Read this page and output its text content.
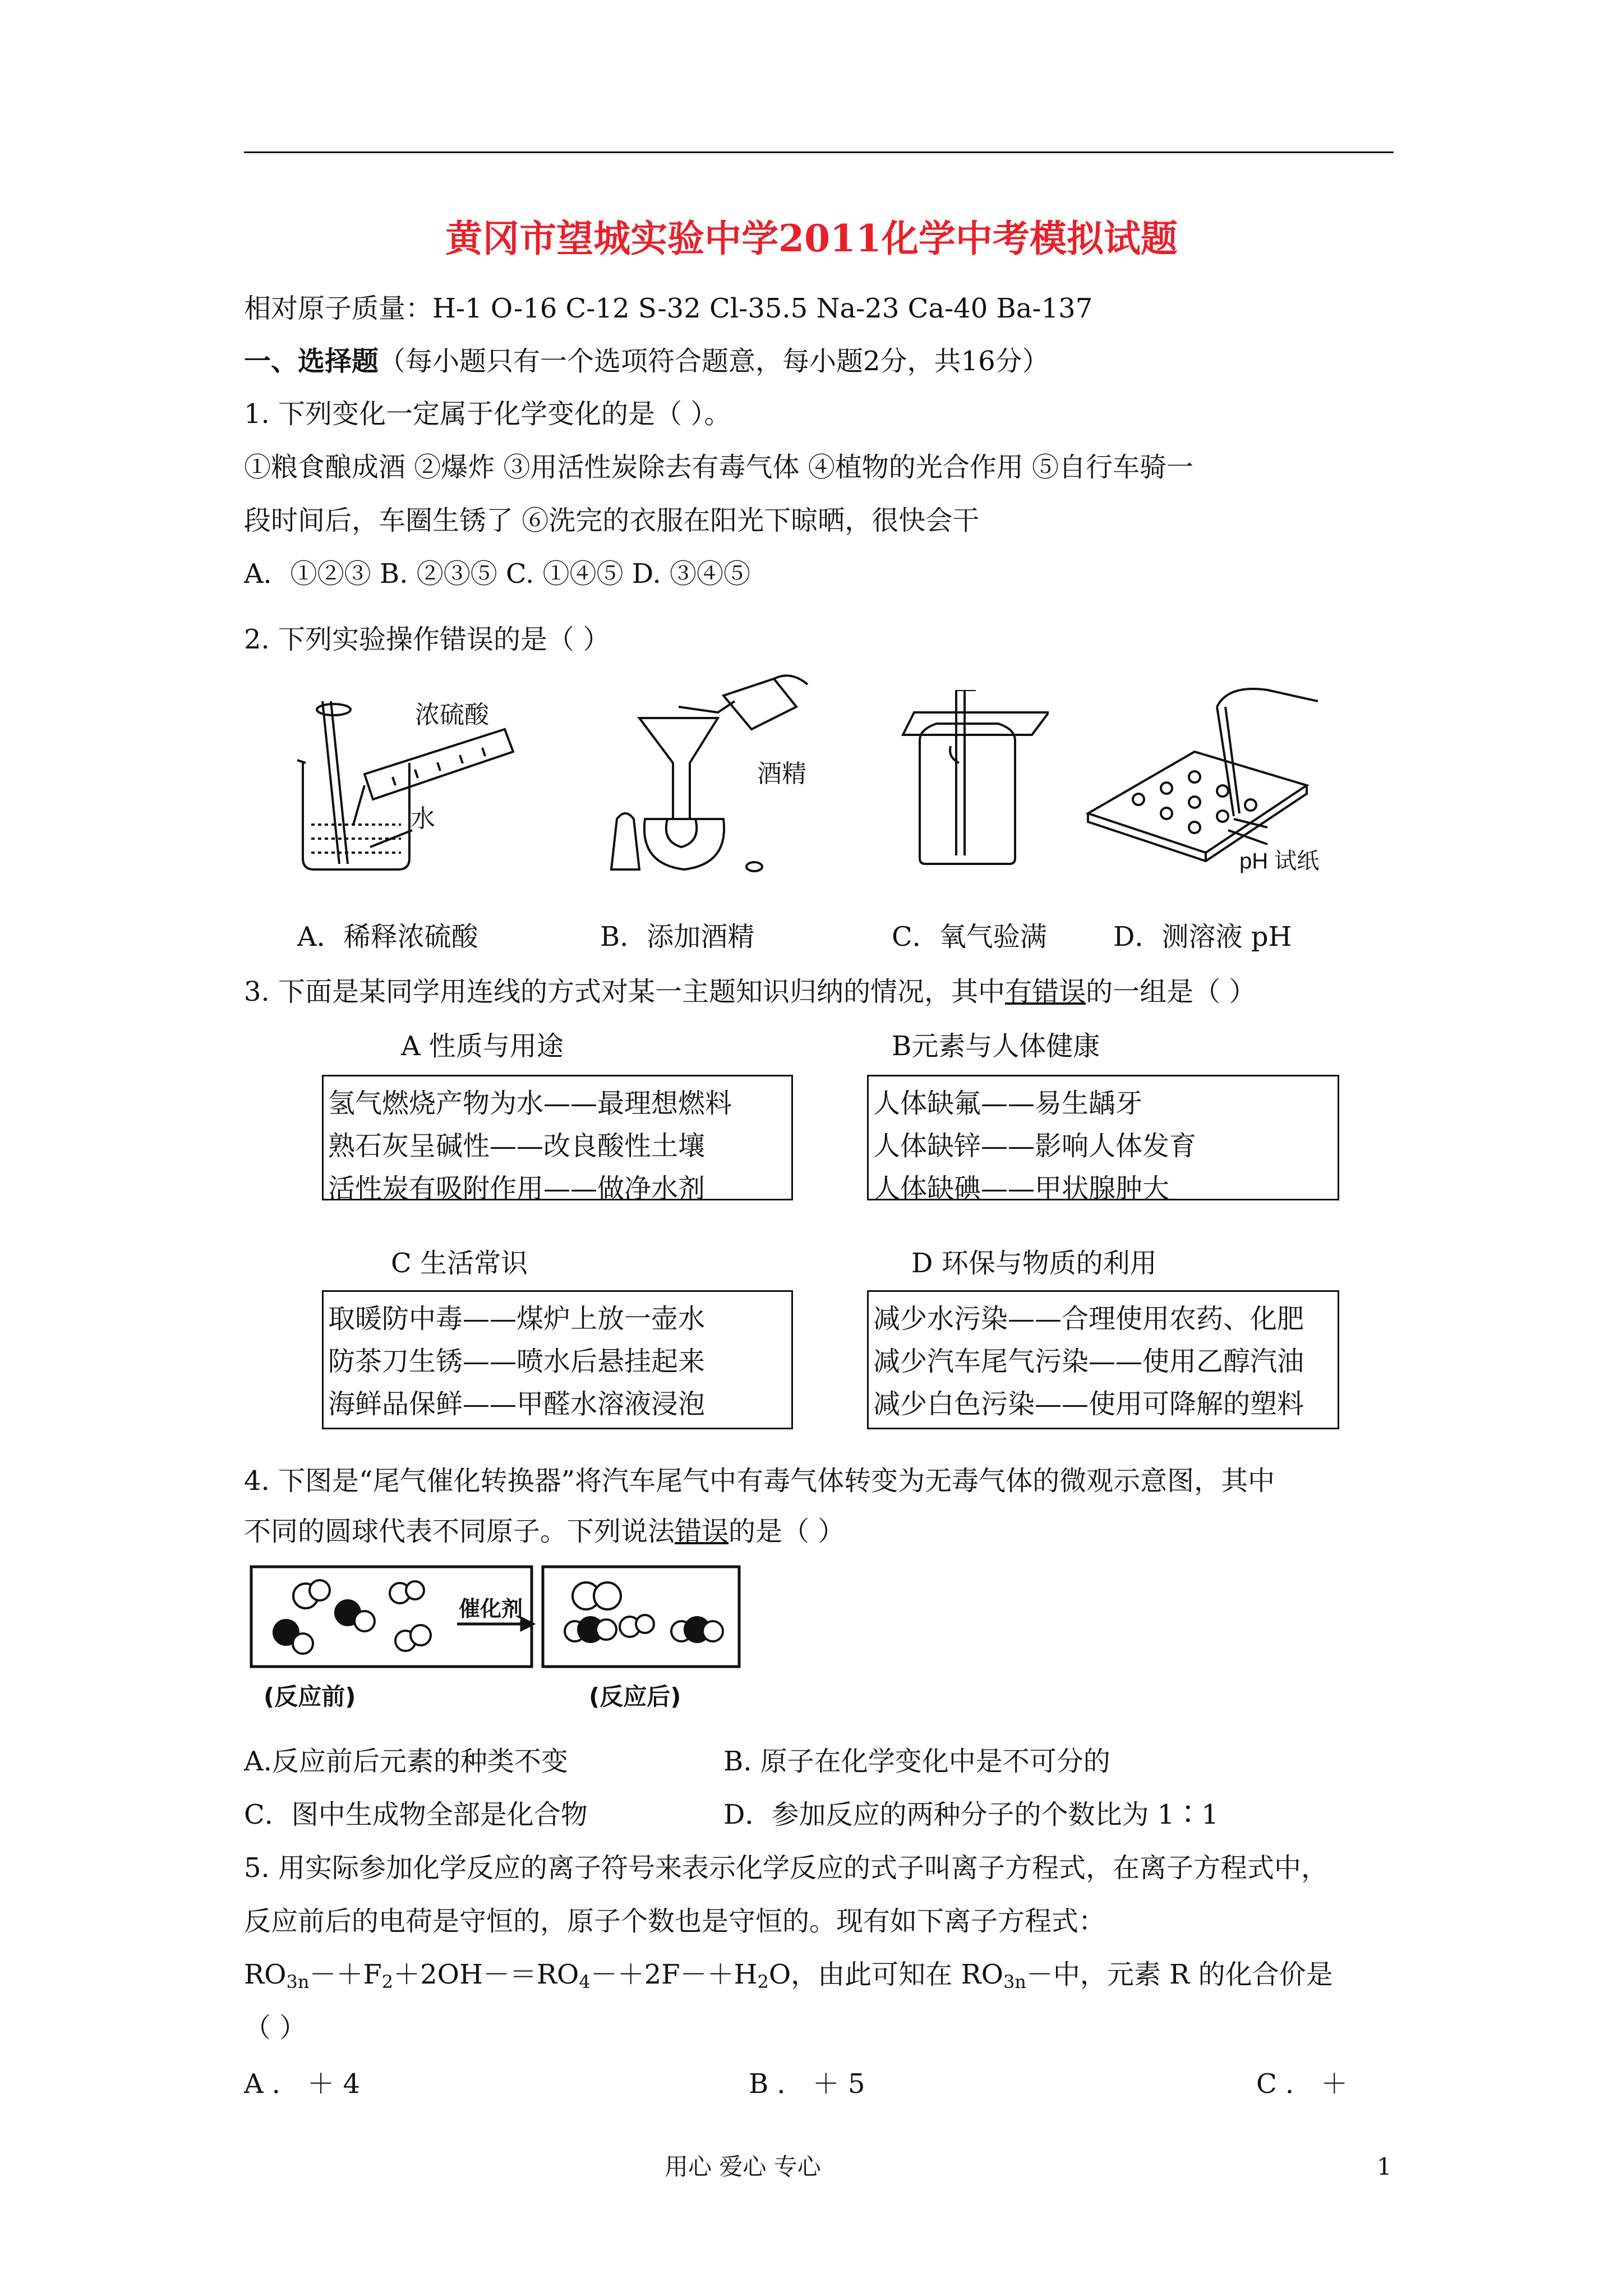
黄冈市望城实验中学2011化学中考模拟试题
相对原子质量：H-1 O-16 C-12 S-32 Cl-35.5 Na-23 Ca-40 Ba-137
一、选择题（每小题只有一个选项符合题意，每小题2分，共16分）
1. 下列变化一定属于化学变化的是（ ）。
①粮食酿成酒 ②爆炸 ③用活性炭除去有毒气体 ④植物的光合作用 ⑤自行车骑一
段时间后，车圈生锈了 ⑥洗完的衣服在阳光下晾晒，很快会干
A．①②③ B. ②③⑤ C. ①④⑤ D. ③④⑤
2. 下列实验操作错误的是（ ）
浓硫酸
水
酒精
pH 试纸
A．稀释浓硫酸	B．添加酒精	C．氧气验满 D．测溶液 pH
3. 下面是某同学用连线的方式对某一主题知识归纳的情况，其中有错误的一组是（ ）
A 性质与用途
氢气燃烧产物为水——最理想燃料
熟石灰呈碱性——改良酸性土壤
活性炭有吸附作用——做净水剂
B元素与人体健康
人体缺氟——易生龋牙
人体缺锌——影响人体发育
人体缺碘——甲状腺肿大
C 生活常识
取暖防中毒——煤炉上放一壶水
防茶刀生锈——喷水后悬挂起来
海鲜品保鲜——甲醛水溶液浸泡
D 环保与物质的利用
减少水污染——合理使用农药、化肥
减少汽车尾气污染——使用乙醇汽油
减少白色污染——使用可降解的塑料
4. 下图是“尾气催化转换器”将汽车尾气中有毒气体转变为无毒气体的微观示意图，其中
不同的圆球代表不同原子。下列说法错误的是（ ）
催化剂
(反应前)	(反应后)
A.反应前后元素的种类不变	B. 原子在化学变化中是不可分的
C．图中生成物全部是化合物	D．参加反应的两种分子的个数比为 1∶1
5. 用实际参加化学反应的离子符号来表示化学反应的式子叫离子方程式，在离子方程式中，
反应前后的电荷是守恒的，原子个数也是守恒的。现有如下离子方程式：
$RO_{3n}-+F_2+2OH-=RO_4-+2F-+H_2O$，由此可知在 $RO_{3n}-$中，元素 R 的化合价是
（ ）
A ． ＋ 4	B ． ＋ 5	C ． ＋
用心 爱心 专心	1
